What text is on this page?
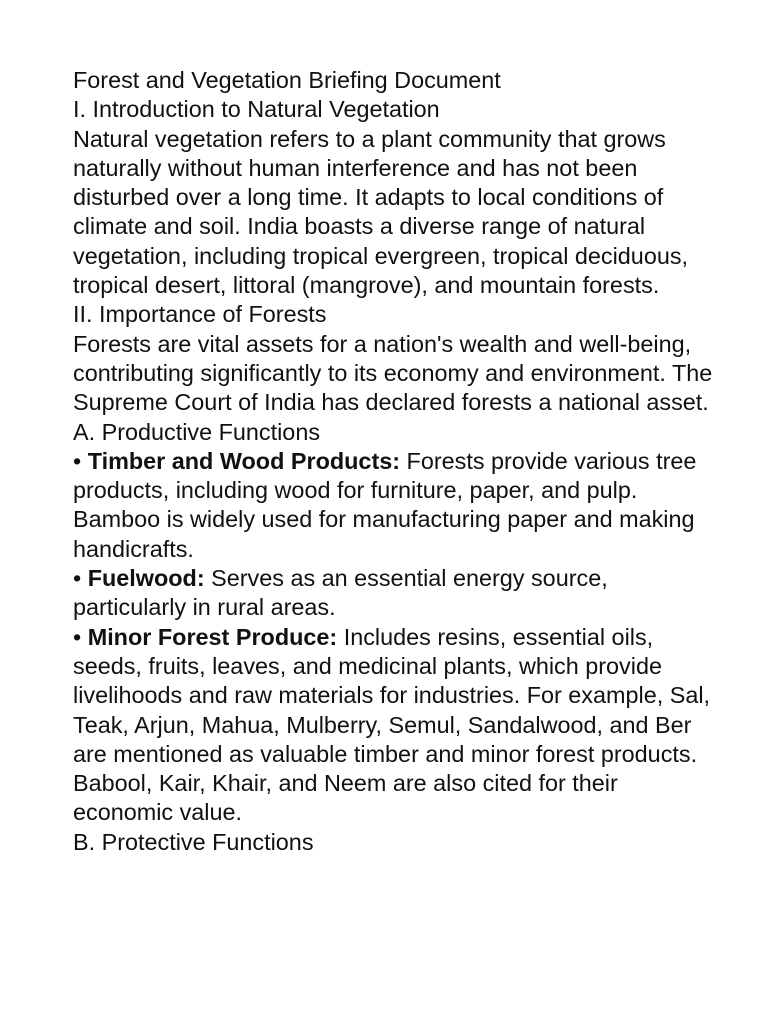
Forest and Vegetation Briefing Document

I. Introduction to Natural Vegetation

Natural vegetation refers to a plant community that grows naturally without human interference and has not been disturbed over a long time. It adapts to local conditions of climate and soil. India boasts a diverse range of natural vegetation, including tropical evergreen, tropical deciduous, tropical desert, littoral (mangrove), and mountain forests.

II. Importance of Forests

Forests are vital assets for a nation's wealth and well-being, contributing significantly to its economy and environment. The Supreme Court of India has declared forests a national asset.

A. Productive Functions

• Timber and Wood Products: Forests provide various tree products, including wood for furniture, paper, and pulp. Bamboo is widely used for manufacturing paper and making handicrafts.

• Fuelwood: Serves as an essential energy source, particularly in rural areas.

• Minor Forest Produce: Includes resins, essential oils, seeds, fruits, leaves, and medicinal plants, which provide livelihoods and raw materials for industries. For example, Sal, Teak, Arjun, Mahua, Mulberry, Semul, Sandalwood, and Ber are mentioned as valuable timber and minor forest products. Babool, Kair, Khair, and Neem are also cited for their economic value.

B. Protective Functions
